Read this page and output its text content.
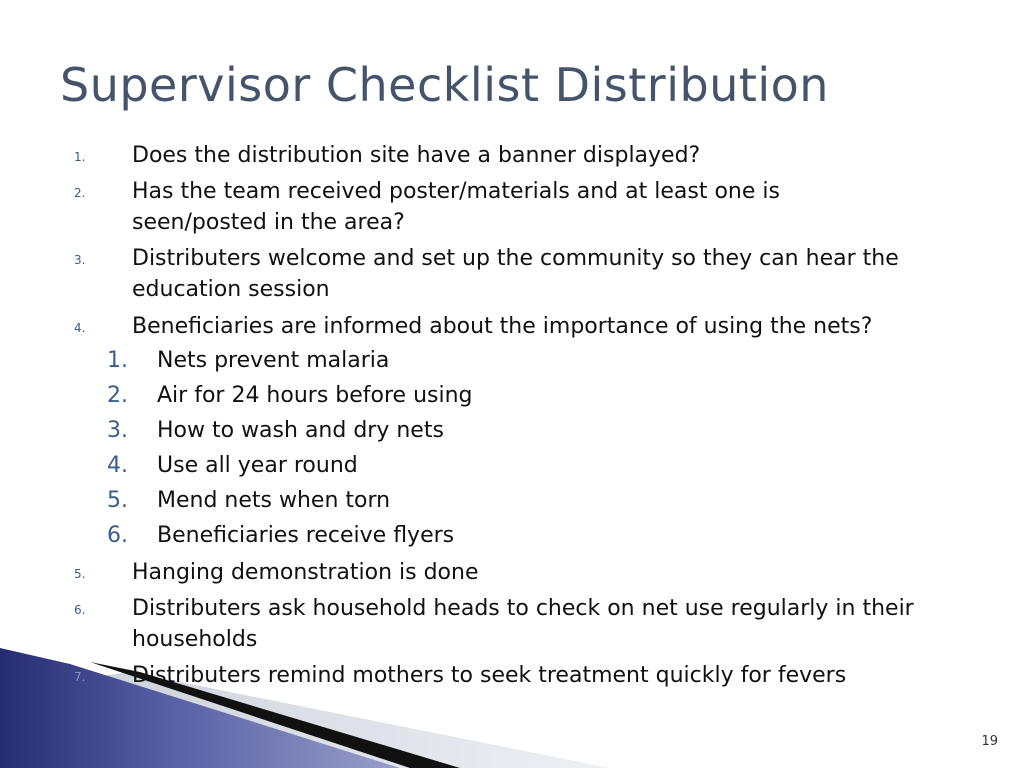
Supervisor Checklist Distribution
1. Does the distribution site have a banner displayed?
2. Has the team received poster/materials and at least one is seen/posted in the area?
3. Distributers welcome and set up the community so they can hear the education session
4. Beneficiaries are informed about the importance of using the nets?
1. Nets prevent malaria
2. Air for 24 hours before using
3. How to wash and dry nets
4. Use all year round
5. Mend nets when torn
6. Beneficiaries receive flyers
5. Hanging demonstration is done
6. Distributers ask household heads to check on net use regularly in their households
7. Distributers remind mothers to seek treatment quickly for fevers
19
